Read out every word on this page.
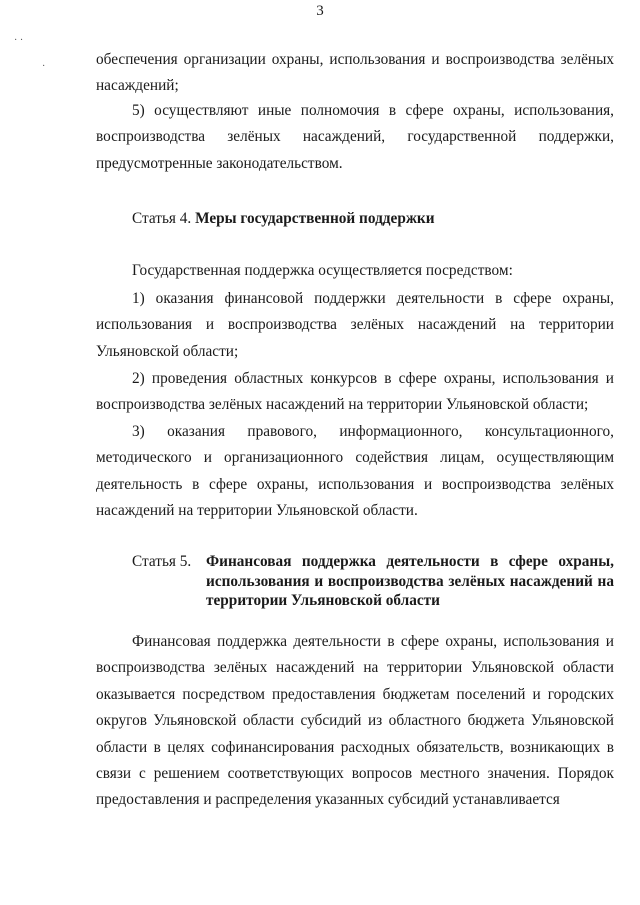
3
· ·
·	обеспечения организации охраны, использования и воспроизводства зелёных насаждений;
5) осуществляют иные полномочия в сфере охраны, использования, воспроизводства зелёных насаждений, государственной поддержки, предусмотренные законодательством.
Статья 4. Меры государственной поддержки
Государственная поддержка осуществляется посредством:
1) оказания финансовой поддержки деятельности в сфере охраны, использования и воспроизводства зелёных насаждений на территории Ульяновской области;
2) проведения областных конкурсов в сфере охраны, использования и воспроизводства зелёных насаждений на территории Ульяновской области;
3) оказания правового, информационного, консультационного, методического и организационного содействия лицам, осуществляющим деятельность в сфере охраны, использования и воспроизводства зелёных насаждений на территории Ульяновской области.
Статья 5. Финансовая поддержка деятельности в сфере охраны, использования и воспроизводства зелёных насаждений на территории Ульяновской области
Финансовая поддержка деятельности в сфере охраны, использования и воспроизводства зелёных насаждений на территории Ульяновской области оказывается посредством предоставления бюджетам поселений и городских округов Ульяновской области субсидий из областного бюджета Ульяновской области в целях софинансирования расходных обязательств, возникающих в связи с решением соответствующих вопросов местного значения. Порядок предоставления и распределения указанных субсидий устанавливается
